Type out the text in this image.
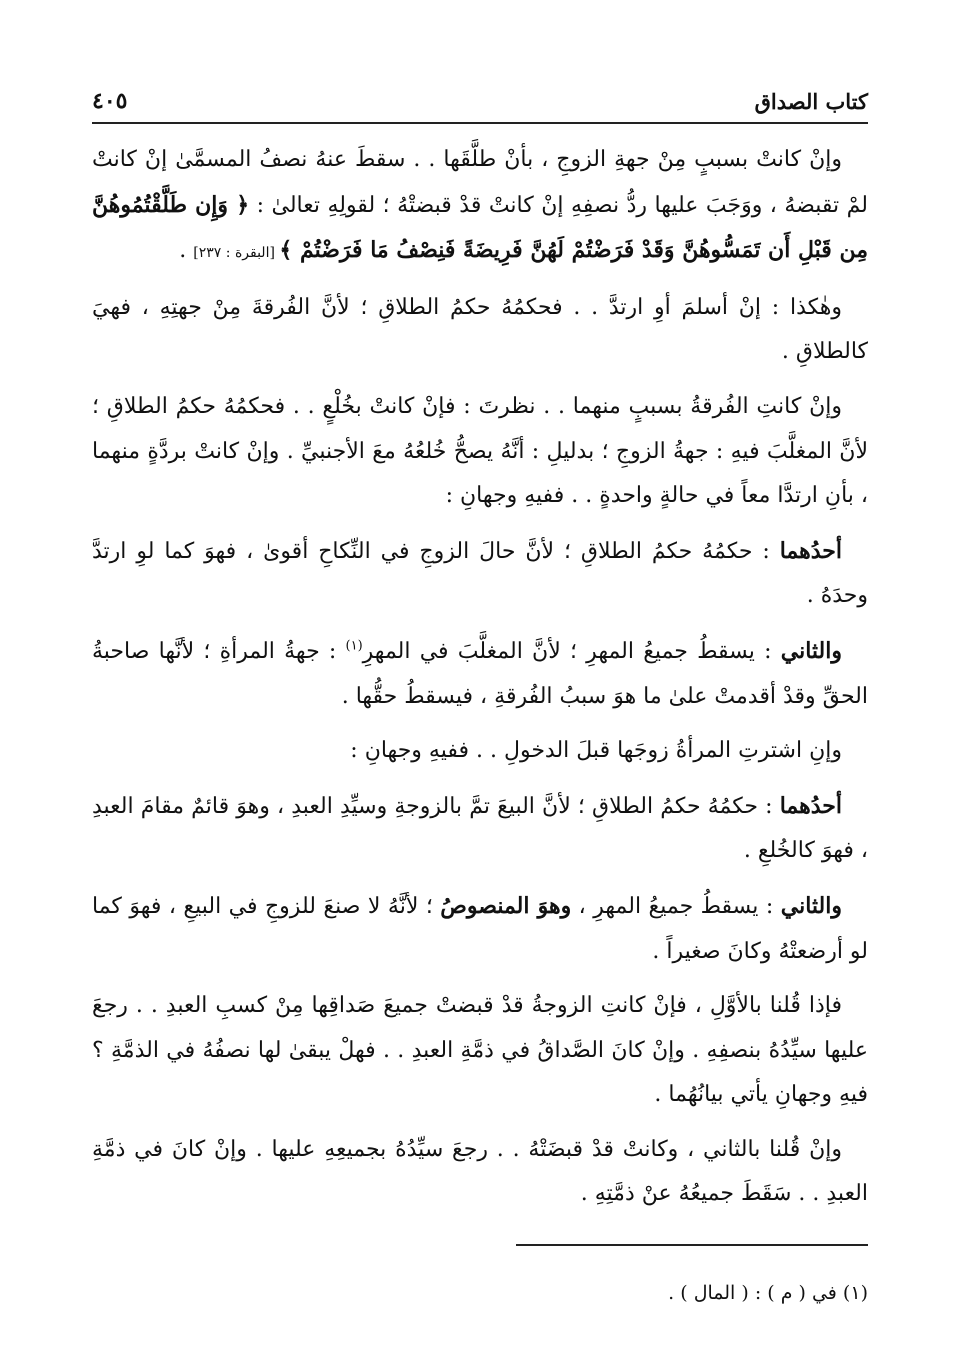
كتاب الصداق
٤٠٥

وإنْ كانتْ بسببٍ مِنْ جهةِ الزوجِ ، بأنْ طلَّقَها . . سقطَ عنهُ نصفُ المسمَّىٰ إنْ كانتْ لمْ تقبضهُ ، ووَجَبَ عليها ردُّ نصفِهِ إنْ كانتْ قدْ قبضتْهُ ؛ لقولِهِ تعالىٰ : ﴿ وَإِن طَلَّقْتُمُوهُنَّ مِن قَبْلِ أَن تَمَسُّوهُنَّ وَقَدْ فَرَضْتُمْ لَهُنَّ فَرِيضَةً فَنِصْفُ مَا فَرَضْتُمْ ﴾ [البقرة : ٢٣٧] .

وهٰكذا : إنْ أسلمَ أوِ ارتدَّ . . فحكمُهُ حكمُ الطلاقِ ؛ لأنَّ الفُرقةَ مِنْ جهتِهِ ، فهيَ كالطلاقِ .

وإنْ كانتِ الفُرقةُ بسببٍ منهما . . نظرتَ : فإنْ كانتْ بخُلْعٍ . . فحكمُهُ حكمُ الطلاقِ ؛ لأنَّ المغلَّبَ فيهِ : جهةُ الزوجِ ؛ بدليلِ : أنَّهُ يصحُّ خُلعُهُ معَ الأجنبيِّ . وإنْ كانتْ بردَّةٍ منهما ، بأنِ ارتدَّا معاً في حالةٍ واحدةٍ . . ففيهِ وجهانِ :

أحدُهما : حكمُهُ حكمُ الطلاقِ ؛ لأنَّ حالَ الزوجِ في النِّكاحِ أقوىٰ ، فهوَ كما لوِ ارتدَّ وحدَهُ .

والثاني : يسقطُ جميعُ المهرِ ؛ لأنَّ المغلَّبَ في المهرِ$^{(١)}$ : جهةُ المرأةِ ؛ لأنَّها صاحبةُ الحقِّ وقدْ أقدمتْ علىٰ ما هوَ سببُ الفُرقةِ ، فيسقطُ حقُّها .

وإنِ اشترتِ المرأةُ زوجَها قبلَ الدخولِ . . ففيهِ وجهانِ :

أحدُهما : حكمُهُ حكمُ الطلاقِ ؛ لأنَّ البيعَ تمَّ بالزوجةِ وسيِّدِ العبدِ ، وهوَ قائمٌ مقامَ العبدِ ، فهوَ كالخُلعِ .

والثاني : يسقطُ جميعُ المهرِ ، وهوَ المنصوصُ ؛ لأنَّهُ لا صنعَ للزوجِ في البيعِ ، فهوَ كما لو أرضعتْهُ وكانَ صغيراً .

فإذا قُلنا بالأوَّلِ ، فإنْ كانتِ الزوجةُ قدْ قبضتْ جميعَ صَداقِها مِنْ كسبِ العبدِ . . رجعَ عليها سيِّدُهُ بنصفِهِ . وإنْ كانَ الصَّداقُ في ذمَّةِ العبدِ . . فهلْ يبقىٰ لها نصفُهُ في الذمَّةِ ؟ فيهِ وجهانِ يأتي بيانُهُما .

وإنْ قُلنا بالثاني ، وكانتْ قدْ قبضَتْهُ . . رجعَ سيِّدُهُ بجميعِهِ عليها . وإنْ كانَ في ذمَّةِ العبدِ . . سَقَطَ جميعُهُ عنْ ذمَّتِهِ .

(١) في ( م ) : ( المال ) .
